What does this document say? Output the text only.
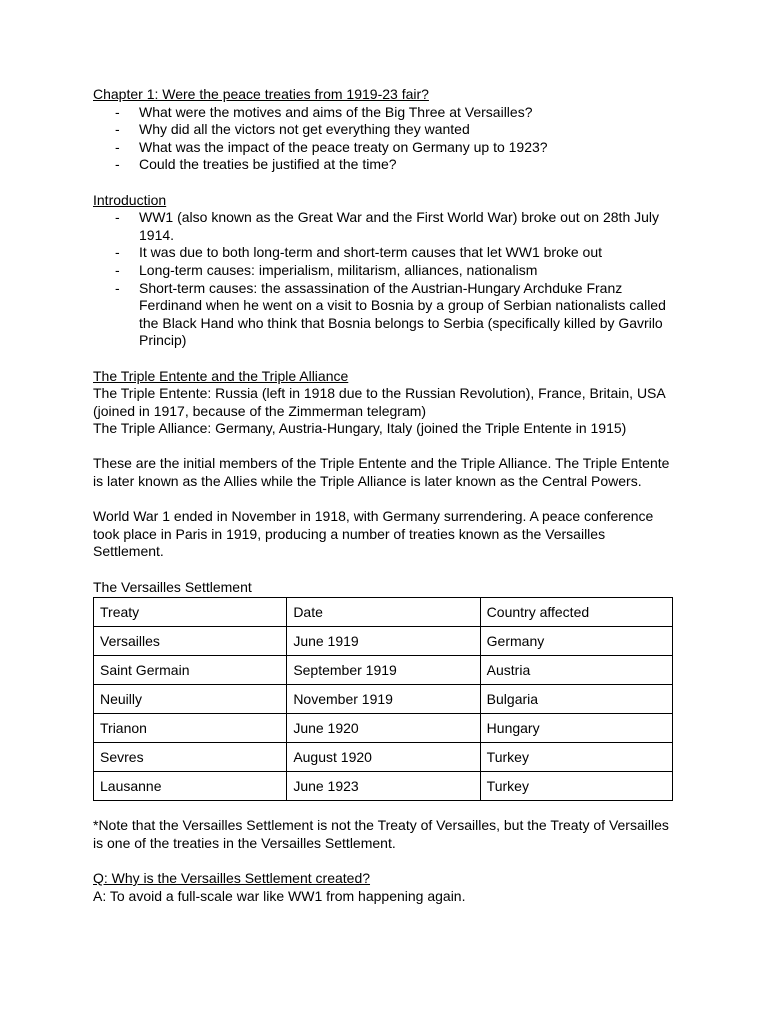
Chapter 1: Were the peace treaties from 1919-23 fair?

- What were the motives and aims of the Big Three at Versailles?
- Why did all the victors not get everything they wanted
- What was the impact of the peace treaty on Germany up to 1923?
- Could the treaties be justified at the time?

Introduction

- WW1 (also known as the Great War and the First World War) broke out on 28th July 1914.
- It was due to both long-term and short-term causes that let WW1 broke out
- Long-term causes: imperialism, militarism, alliances, nationalism
- Short-term causes: the assassination of the Austrian-Hungary Archduke Franz Ferdinand when he went on a visit to Bosnia by a group of Serbian nationalists called the Black Hand who think that Bosnia belongs to Serbia (specifically killed by Gavrilo Princip)

The Triple Entente and the Triple Alliance

The Triple Entente: Russia (left in 1918 due to the Russian Revolution), France, Britain, USA (joined in 1917, because of the Zimmerman telegram)

The Triple Alliance: Germany, Austria-Hungary, Italy (joined the Triple Entente in 1915)

These are the initial members of the Triple Entente and the Triple Alliance. The Triple Entente is later known as the Allies while the Triple Alliance is later known as the Central Powers.

World War 1 ended in November in 1918, with Germany surrendering. A peace conference took place in Paris in 1919, producing a number of treaties known as the Versailles Settlement.

The Versailles Settlement

Treaty	Date	Country affected
Versailles	June 1919	Germany
Saint Germain	September 1919	Austria
Neuilly	November 1919	Bulgaria
Trianon	June 1920	Hungary
Sevres	August 1920	Turkey
Lausanne	June 1923	Turkey

*Note that the Versailles Settlement is not the Treaty of Versailles, but the Treaty of Versailles is one of the treaties in the Versailles Settlement.

Q: Why is the Versailles Settlement created?

A: To avoid a full-scale war like WW1 from happening again.
